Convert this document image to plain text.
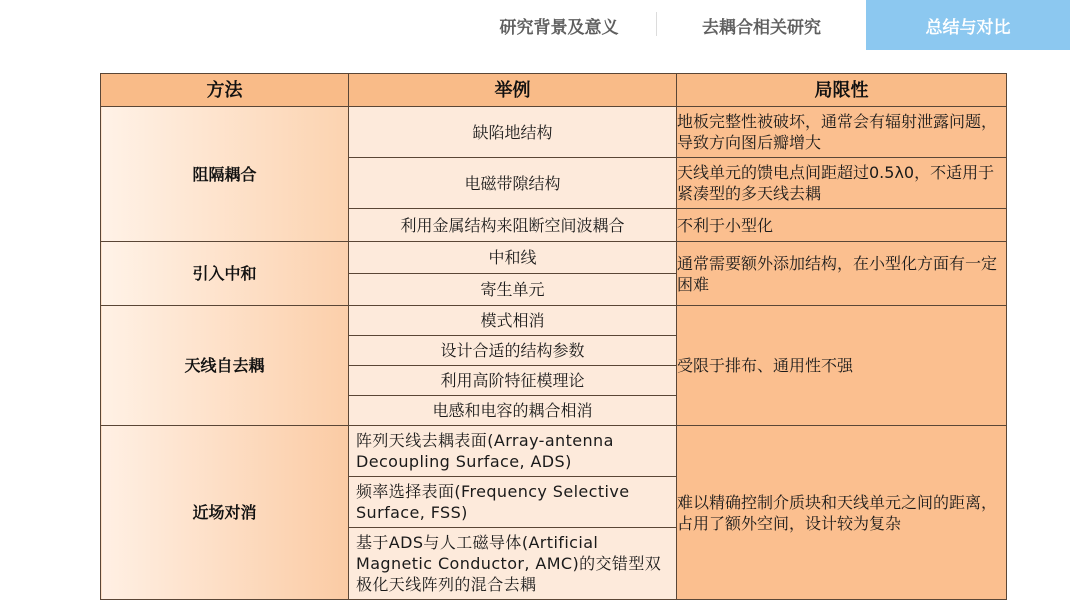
研究背景及意义	去耦合相关研究	总结与对比
方法	举例	局限性
阻隔耦合	缺陷地结构	地板完整性被破坏，通常会有辐射泄露问题，导致方向图后瓣增大
	电磁带隙结构	天线单元的馈电点间距超过0.5λ0，不适用于紧凑型的多天线去耦
	利用金属结构来阻断空间波耦合	不利于小型化
引入中和	中和线	通常需要额外添加结构，在小型化方面有一定困难
	寄生单元	
天线自去耦	模式相消	受限于排布、通用性不强
	设计合适的结构参数	
	利用高阶特征模理论	
	电感和电容的耦合相消	
近场对消	阵列天线去耦表面(Array-antenna Decoupling Surface, ADS)	难以精确控制介质块和天线单元之间的距离，占用了额外空间，设计较为复杂
	频率选择表面(Frequency Selective Surface, FSS)	
	基于ADS与人工磁导体(Artificial Magnetic Conductor, AMC)的交错型双极化天线阵列的混合去耦	
